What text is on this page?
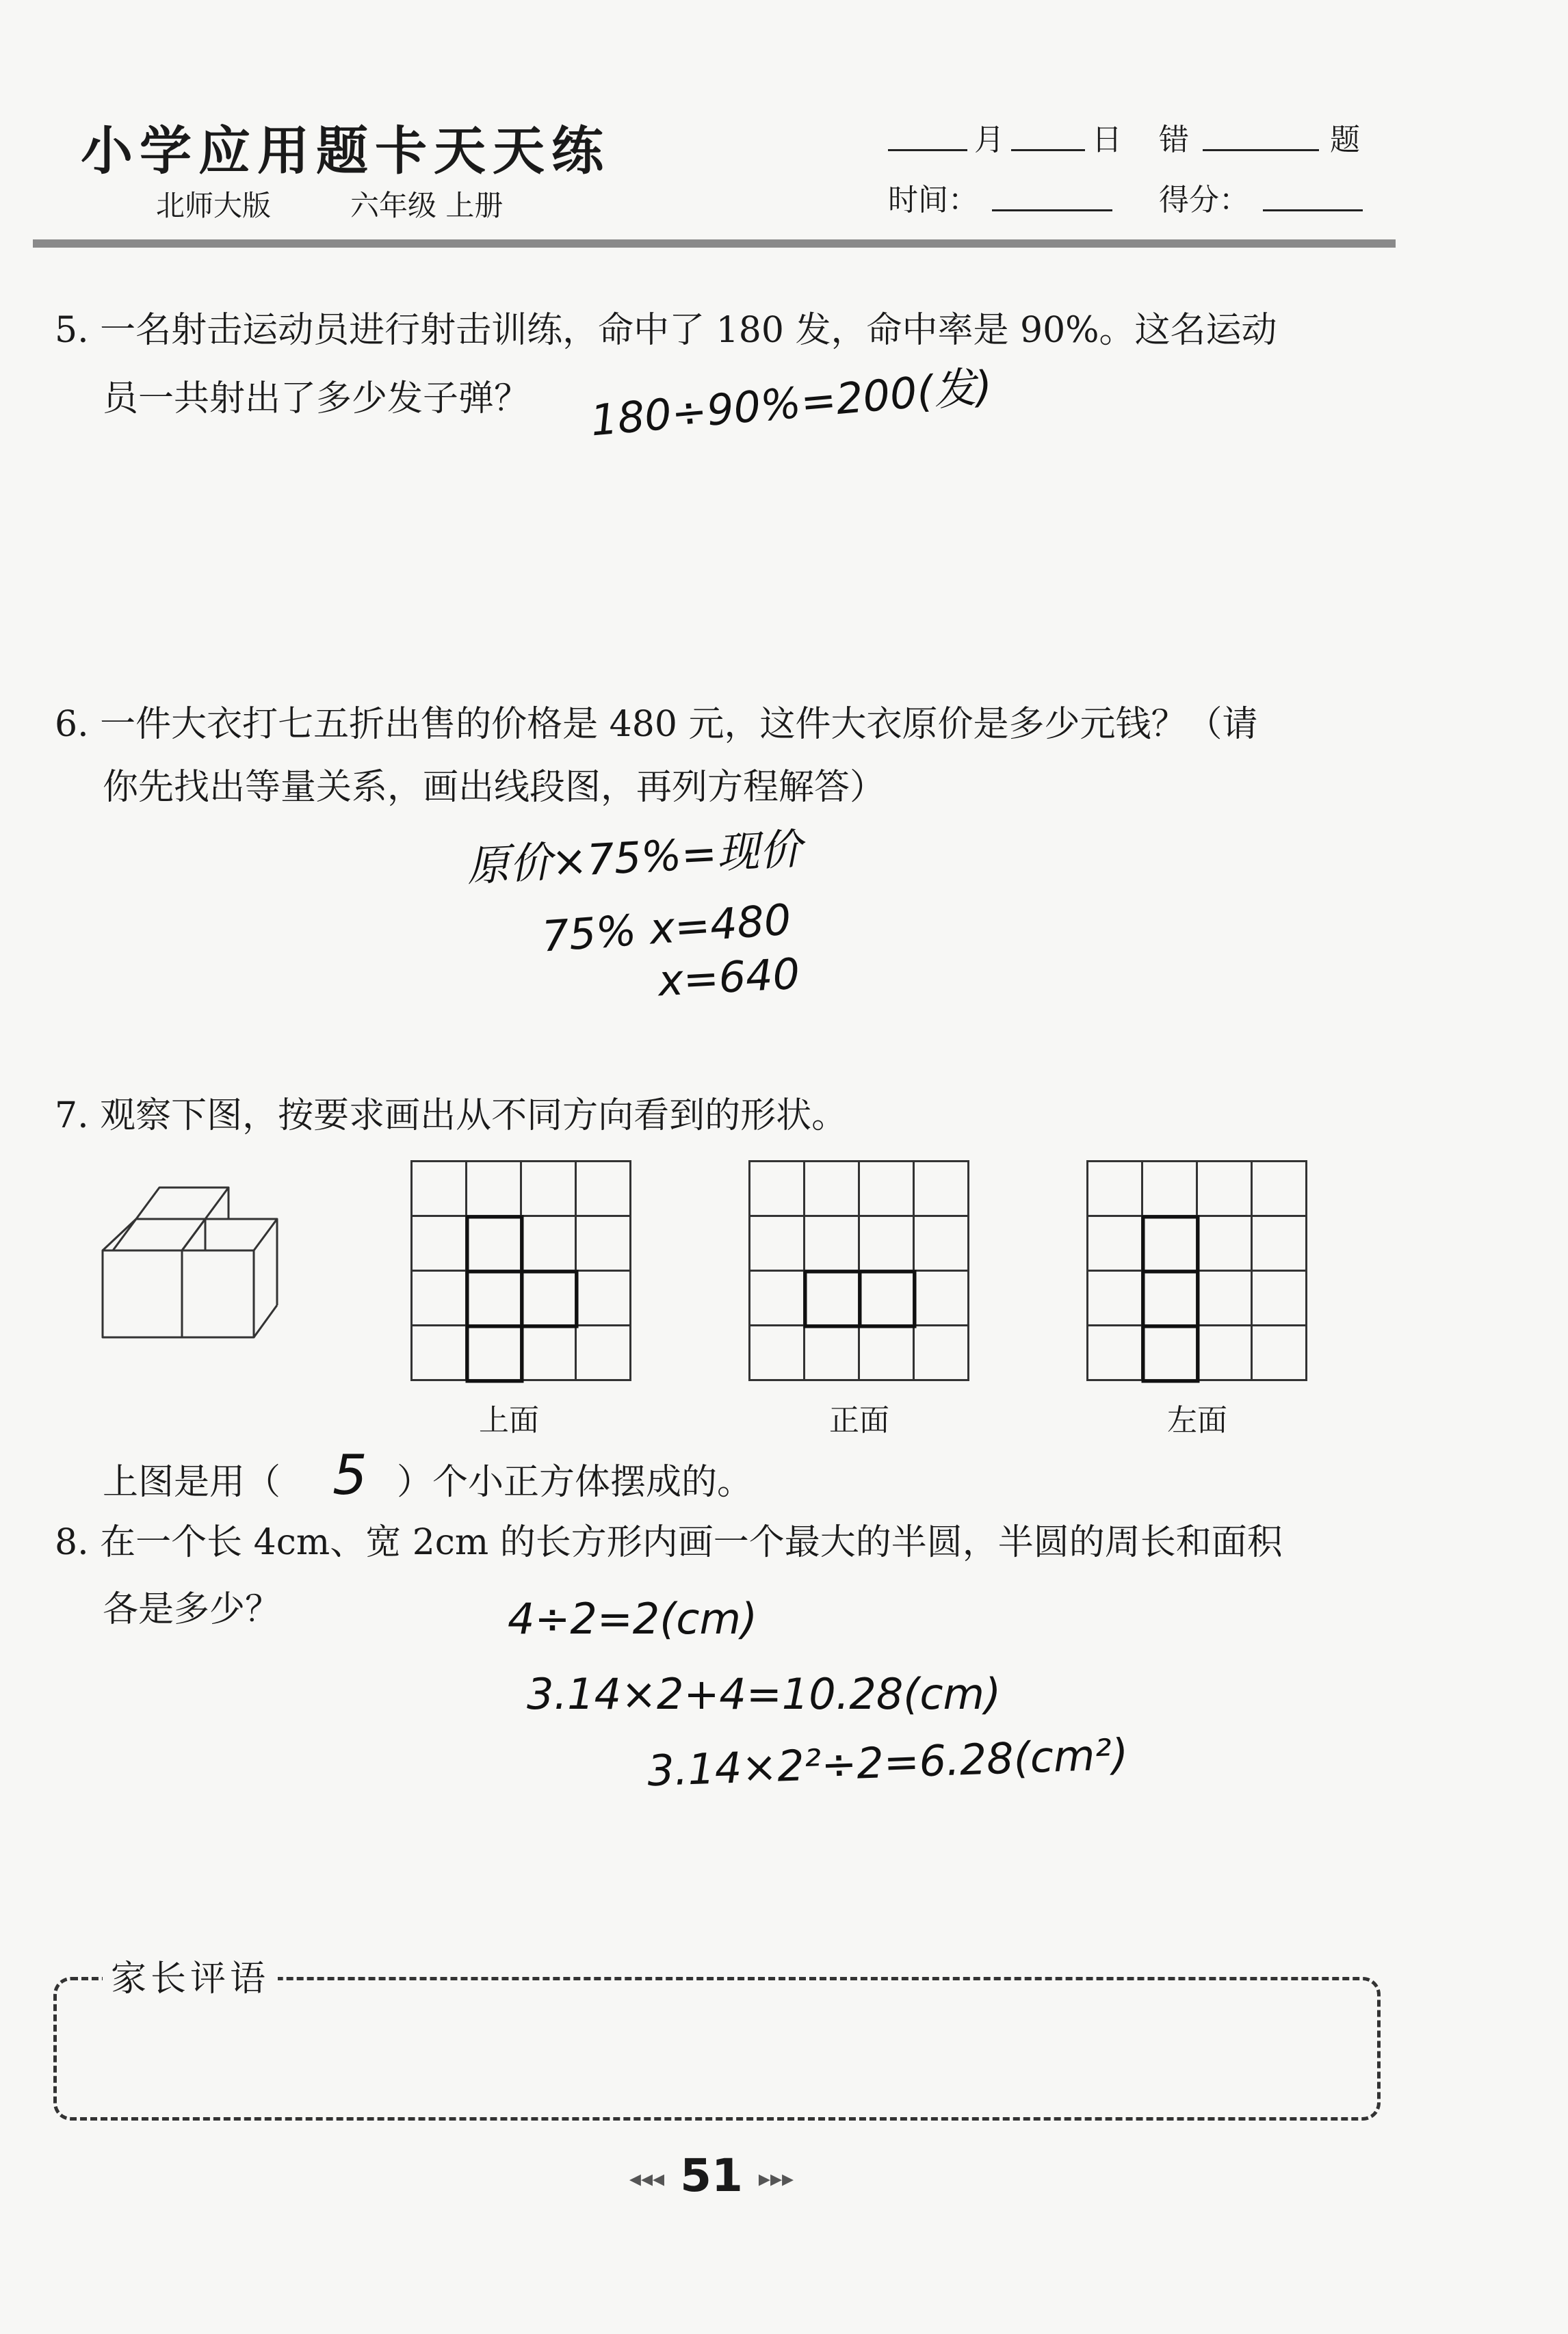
小学应用题卡天天练
北师大版	六年级 上册
月	日 错	题
时间：	得分：
5. 一名射击运动员进行射击训练，命中了 180 发，命中率是 90%。这名运动
员一共射出了多少发子弹？ 180÷90%=200(发)
6. 一件大衣打七五折出售的价格是 480 元，这件大衣原价是多少元钱？（请
你先找出等量关系，画出线段图，再列方程解答）
原价×75%=现价
75% x=480
x=640
7. 观察下图，按要求画出从不同方向看到的形状。
上面	正面	左面
上图是用（ 5 ）个小正方体摆成的。
8. 在一个长 4cm、宽 2cm 的长方形内画一个最大的半圆，半圆的周长和面积
各是多少？	4÷2=2(cm)
3.14×2+4=10.28(cm)
3.14×2²÷2=6.28(cm²)
家长评语
◂◂◂ 51 ▸▸▸
